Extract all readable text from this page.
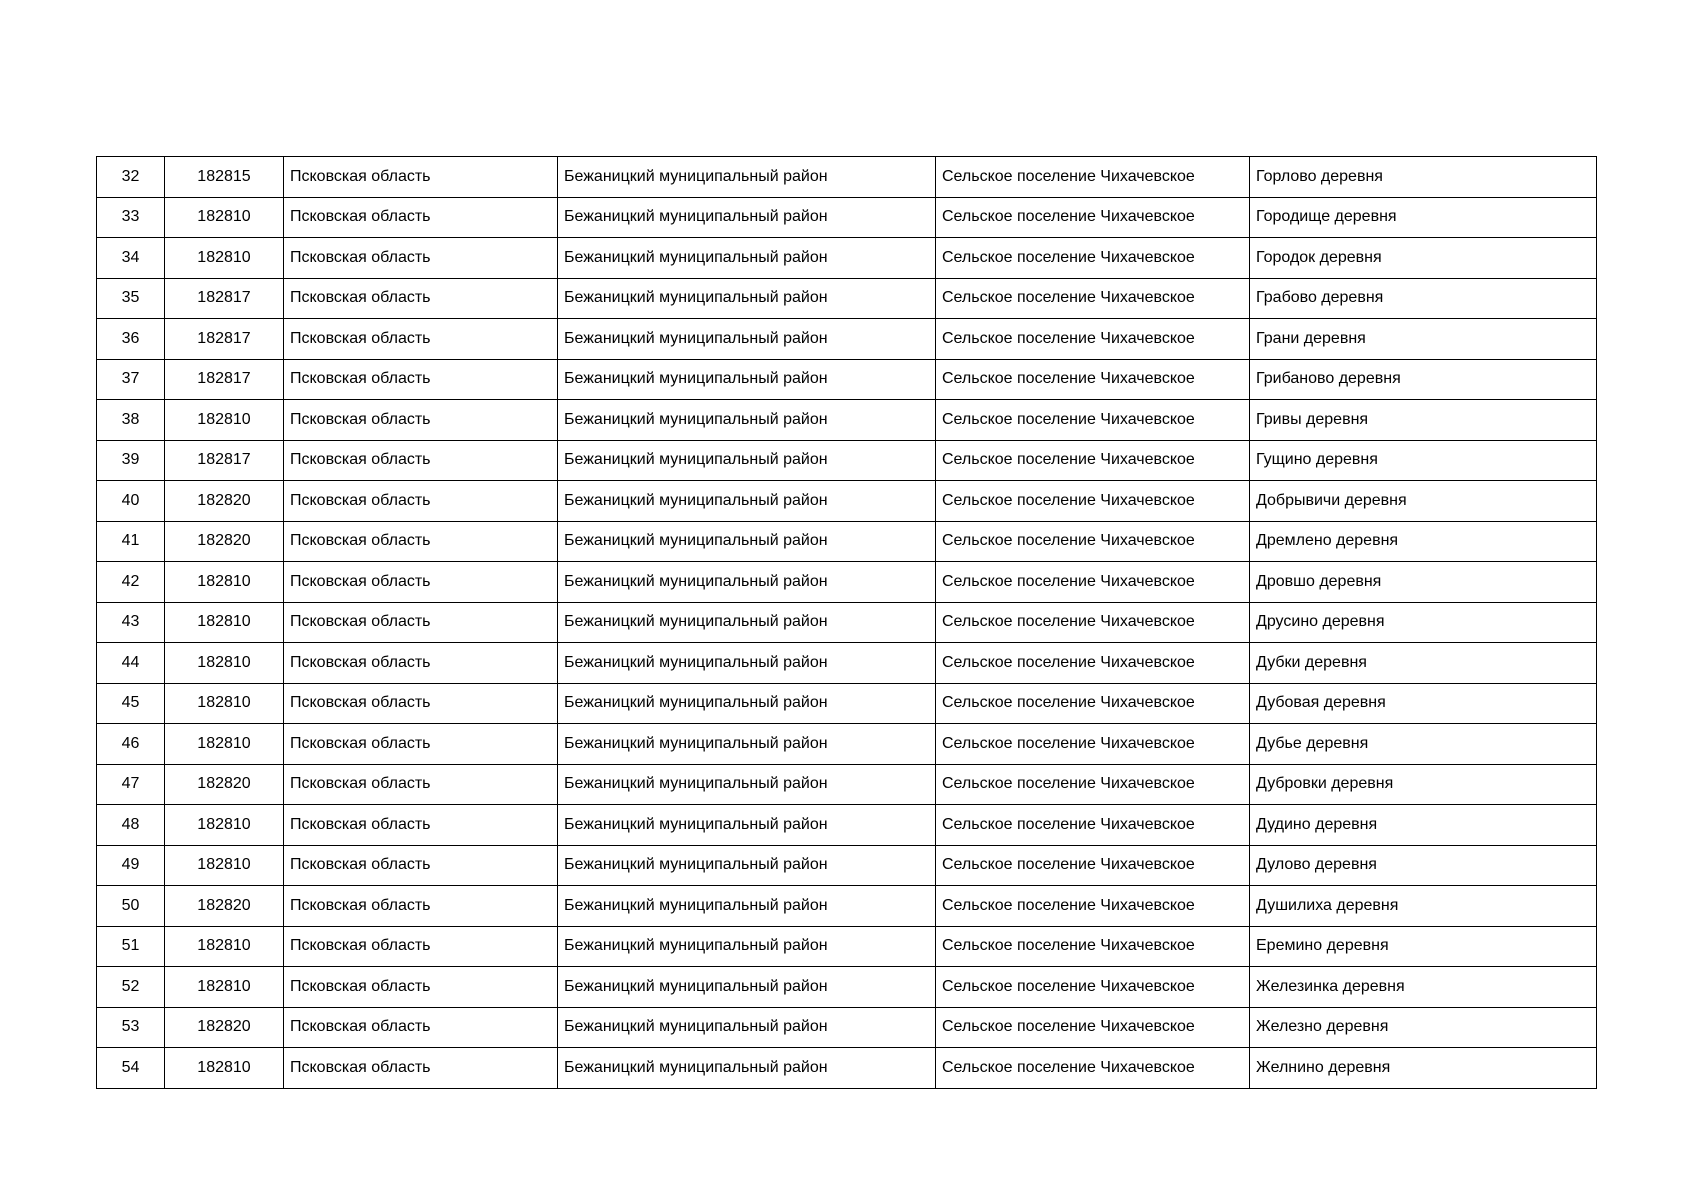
32	182815	Псковская область	Бежаницкий муниципальный район	Сельское поселение Чихачевское	Горлово деревня
33	182810	Псковская область	Бежаницкий муниципальный район	Сельское поселение Чихачевское	Городище деревня
34	182810	Псковская область	Бежаницкий муниципальный район	Сельское поселение Чихачевское	Городок деревня
35	182817	Псковская область	Бежаницкий муниципальный район	Сельское поселение Чихачевское	Грабово деревня
36	182817	Псковская область	Бежаницкий муниципальный район	Сельское поселение Чихачевское	Грани деревня
37	182817	Псковская область	Бежаницкий муниципальный район	Сельское поселение Чихачевское	Грибаново деревня
38	182810	Псковская область	Бежаницкий муниципальный район	Сельское поселение Чихачевское	Гривы деревня
39	182817	Псковская область	Бежаницкий муниципальный район	Сельское поселение Чихачевское	Гущино деревня
40	182820	Псковская область	Бежаницкий муниципальный район	Сельское поселение Чихачевское	Добрывичи деревня
41	182820	Псковская область	Бежаницкий муниципальный район	Сельское поселение Чихачевское	Дремлено деревня
42	182810	Псковская область	Бежаницкий муниципальный район	Сельское поселение Чихачевское	Дровшо деревня
43	182810	Псковская область	Бежаницкий муниципальный район	Сельское поселение Чихачевское	Друсино деревня
44	182810	Псковская область	Бежаницкий муниципальный район	Сельское поселение Чихачевское	Дубки деревня
45	182810	Псковская область	Бежаницкий муниципальный район	Сельское поселение Чихачевское	Дубовая деревня
46	182810	Псковская область	Бежаницкий муниципальный район	Сельское поселение Чихачевское	Дубье деревня
47	182820	Псковская область	Бежаницкий муниципальный район	Сельское поселение Чихачевское	Дубровки деревня
48	182810	Псковская область	Бежаницкий муниципальный район	Сельское поселение Чихачевское	Дудино деревня
49	182810	Псковская область	Бежаницкий муниципальный район	Сельское поселение Чихачевское	Дулово деревня
50	182820	Псковская область	Бежаницкий муниципальный район	Сельское поселение Чихачевское	Душилиха деревня
51	182810	Псковская область	Бежаницкий муниципальный район	Сельское поселение Чихачевское	Еремино деревня
52	182810	Псковская область	Бежаницкий муниципальный район	Сельское поселение Чихачевское	Железинка деревня
53	182820	Псковская область	Бежаницкий муниципальный район	Сельское поселение Чихачевское	Железно деревня
54	182810	Псковская область	Бежаницкий муниципальный район	Сельское поселение Чихачевское	Желнино деревня
